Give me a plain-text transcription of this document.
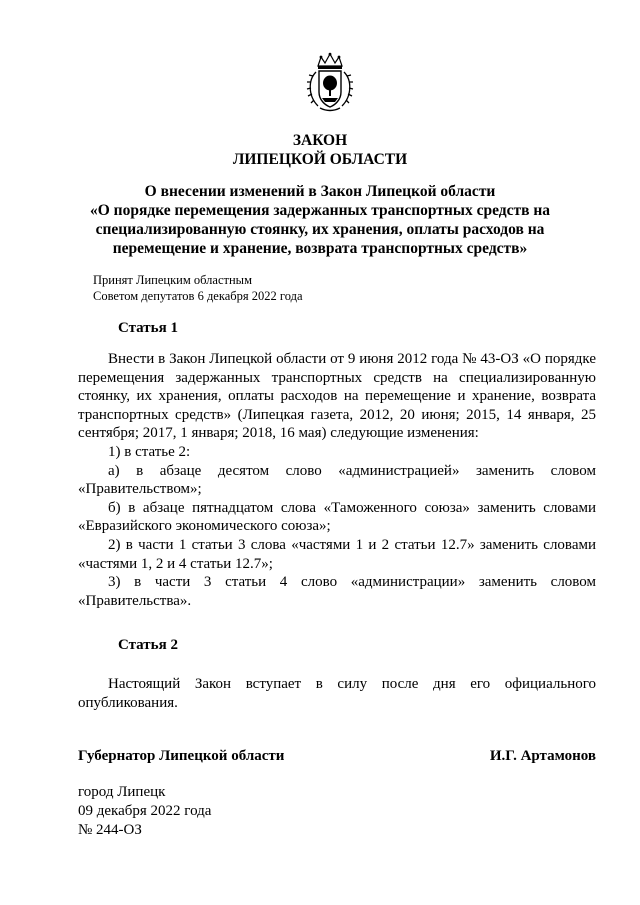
ЗАКОН
ЛИПЕЦКОЙ ОБЛАСТИ
О внесении изменений в Закон Липецкой области
«О порядке перемещения задержанных транспортных средств на
специализированную стоянку, их хранения, оплаты расходов на
перемещение и хранение, возврата транспортных средств»
Принят Липецким областным
Советом депутатов 6 декабря 2022 года
Статья 1

Внести в Закон Липецкой области от 9 июня 2012 года № 43-ОЗ «О порядке перемещения задержанных транспортных средств на специализированную стоянку, их хранения, оплаты расходов на перемещение и хранение, возврата транспортных средств» (Липецкая газета, 2012, 20 июня; 2015, 14 января, 25 сентября; 2017, 1 января; 2018, 16 мая) следующие изменения:

1) в статье 2:

а) в абзаце десятом слово «администрацией» заменить словом «Правительством»;

б) в абзаце пятнадцатом слова «Таможенного союза» заменить словами «Евразийского экономического союза»;

2) в части 1 статьи 3 слова «частями 1 и 2 статьи 12.7» заменить словами «частями 1, 2 и 4 статьи 12.7»;

3) в части 3 статьи 4 слово «администрации» заменить словом «Правительства».

Статья 2

Настоящий Закон вступает в силу после дня его официального опубликования.

Губернатор Липецкой области	И.Г. Артамонов
город Липецк
09 декабря 2022 года
№ 244-ОЗ
